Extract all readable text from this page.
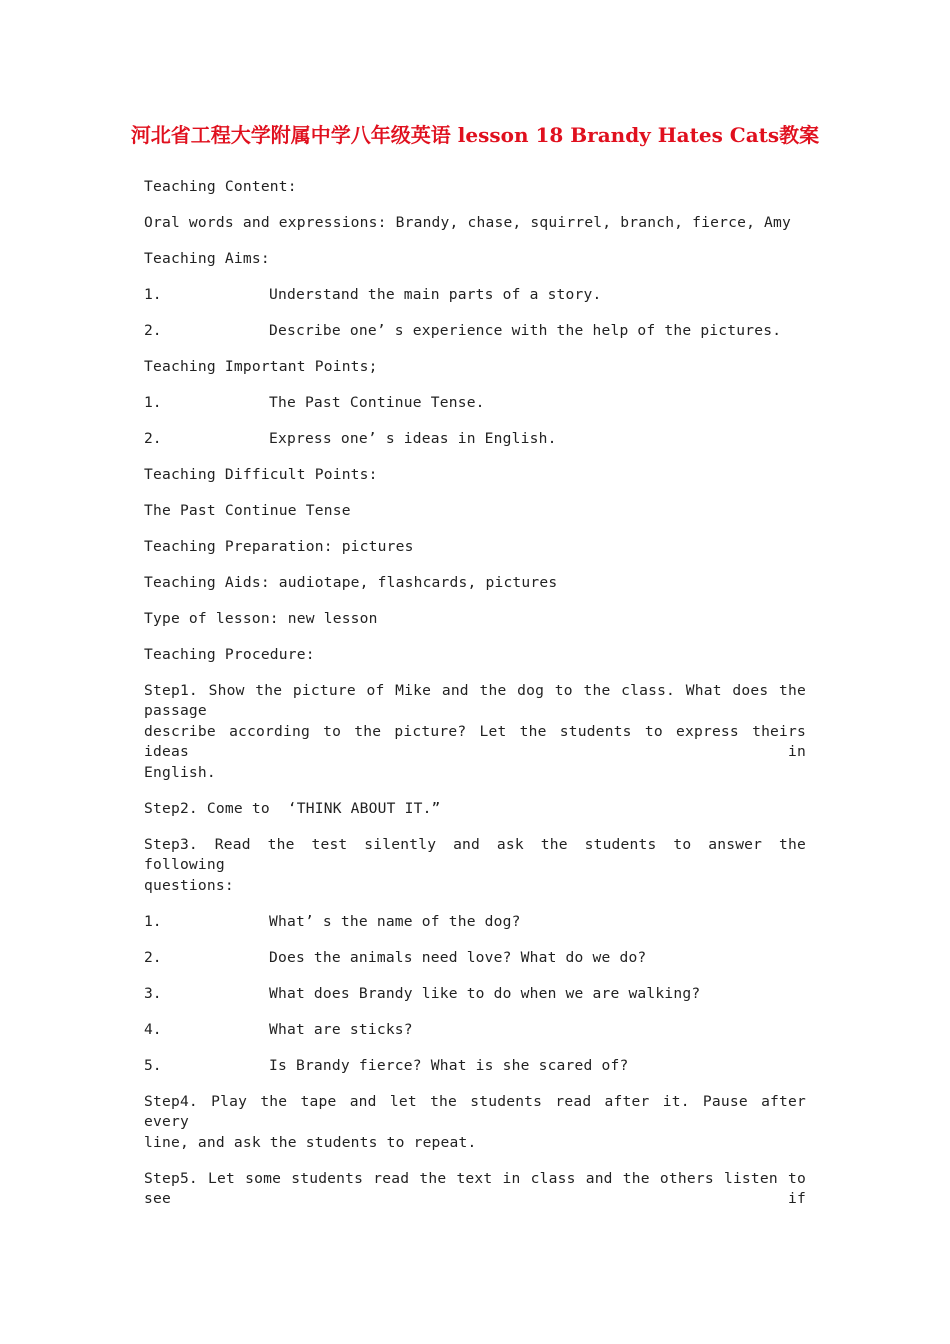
河北省工程大学附属中学八年级英语 lesson 18 Brandy Hates Cats教案
Teaching Content:
Oral words and expressions: Brandy, chase, squirrel, branch, fierce, Amy
Teaching Aims:
1.	Understand the main parts of a story.
2.	Describe one’ s experience with the help of the pictures.
Teaching Important Points;
1.	The Past Continue Tense.
2.	Express one’ s ideas in English.
Teaching Difficult Points:
The Past Continue Tense
Teaching Preparation: pictures
Teaching Aids: audiotape, flashcards, pictures
Type of lesson: new lesson
Teaching Procedure:
Step1. Show the picture of Mike and the dog to the class. What does the passage
describe according to the picture? Let the students to express theirs ideas in
English.
Step2. Come to  ‘THINK ABOUT IT.”
Step3. Read the test silently and ask the students to answer the following
questions:
1.	What’ s the name of the dog?
2.	Does the animals need love? What do we do?
3.	What does Brandy like to do when we are walking?
4.	What are sticks?
5.	Is Brandy fierce? What is she scared of?
Step4. Play the tape and let the students read after it. Pause after every
line, and ask the students to repeat.
Step5. Let some students read the text in class and the others listen to see if
